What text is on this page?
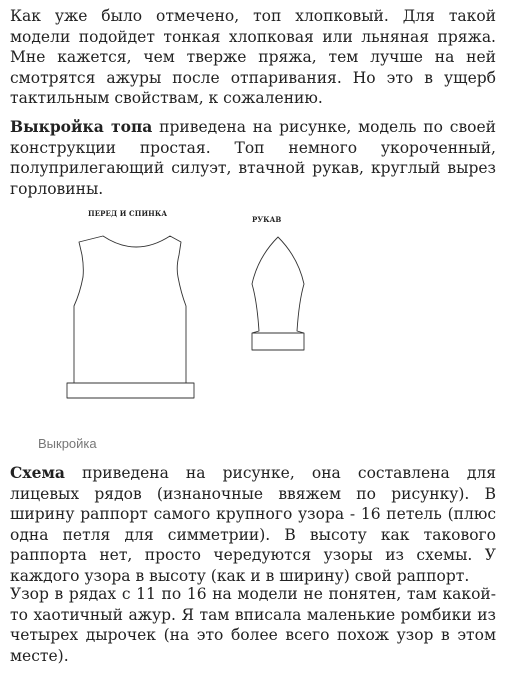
Как уже было отмечено, топ хлопковый. Для такой модели подойдет тонкая хлопковая или льняная пряжа. Мне кажется, чем тверже пряжа, тем лучше на ней смотрятся ажуры после отпаривания. Но это в ущерб тактильным свойствам, к сожалению.

Выкройка топа приведена на рисунке, модель по своей конструкции простая. Топ немного укороченный, полуприлегающий силуэт, втачной рукав, круглый вырез горловины.

ПЕРЕД И СПИНКА
РУКАВ
Выкройка

Схема приведена на рисунке, она составлена для лицевых рядов (изнаночные ввяжем по рисунку). В ширину раппорт самого крупного узора - 16 петель (плюс одна петля для симметрии). В высоту как такового раппорта нет, просто чередуются узоры из схемы. У каждого узора в высоту (как и в ширину) свой раппорт.

Узор в рядах с 11 по 16 на модели не понятен, там какой-то хаотичный ажур. Я там вписала маленькие ромбики из четырех дырочек (на это более всего похож узор в этом месте).
